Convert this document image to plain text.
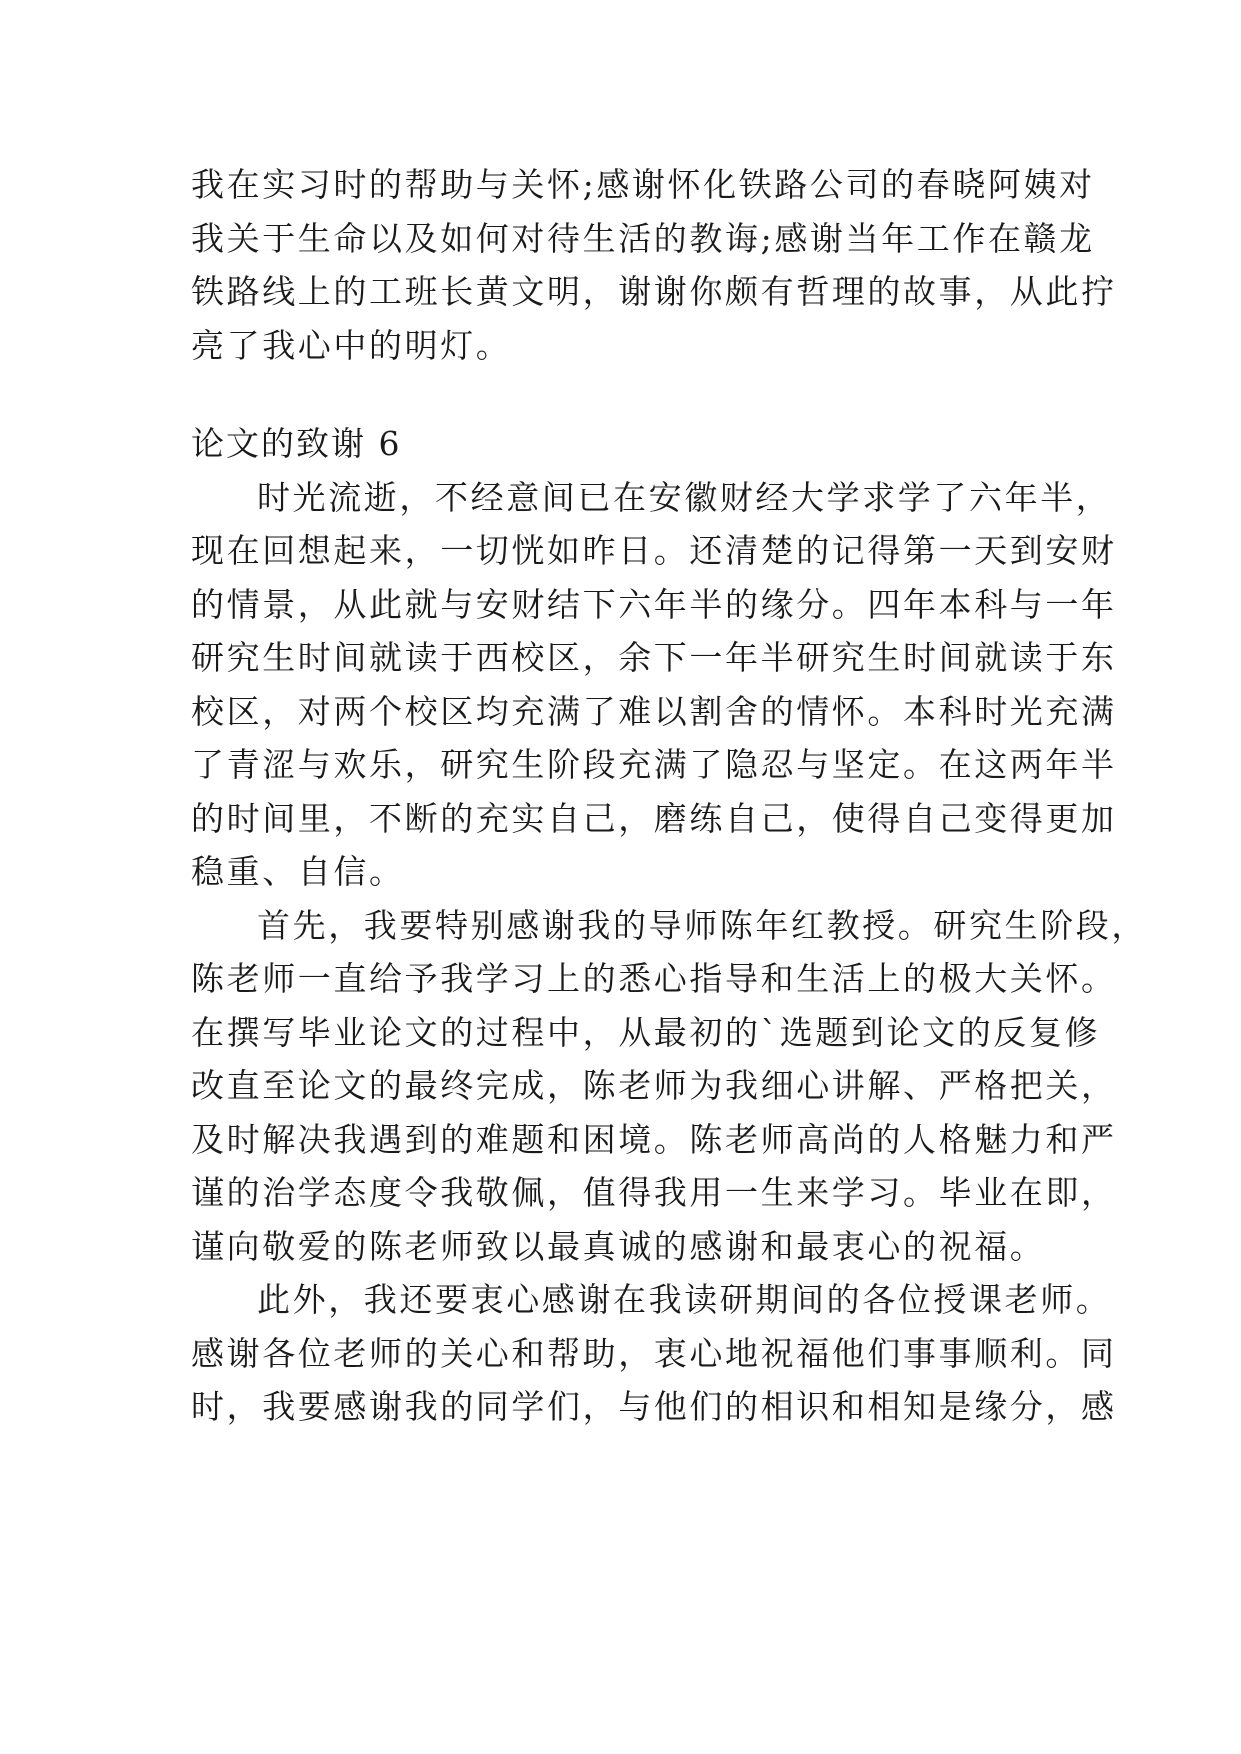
我在实习时的帮助与关怀;感谢怀化铁路公司的春晓阿姨对
我关于生命以及如何对待生活的教诲;感谢当年工作在赣龙
铁路线上的工班长黄文明，谢谢你颇有哲理的故事，从此拧
亮了我心中的明灯。
论文的致谢 6
时光流逝，不经意间已在安徽财经大学求学了六年半，
现在回想起来，一切恍如昨日。还清楚的记得第一天到安财
的情景，从此就与安财结下六年半的缘分。四年本科与一年
研究生时间就读于西校区，余下一年半研究生时间就读于东
校区，对两个校区均充满了难以割舍的情怀。本科时光充满
了青涩与欢乐，研究生阶段充满了隐忍与坚定。在这两年半
的时间里，不断的充实自己，磨练自己，使得自己变得更加
稳重、自信。
首先，我要特别感谢我的导师陈年红教授。研究生阶段，
陈老师一直给予我学习上的悉心指导和生活上的极大关怀。
在撰写毕业论文的过程中，从最初的`选题到论文的反复修
改直至论文的最终完成，陈老师为我细心讲解、严格把关，
及时解决我遇到的难题和困境。陈老师高尚的人格魅力和严
谨的治学态度令我敬佩，值得我用一生来学习。毕业在即，
谨向敬爱的陈老师致以最真诚的感谢和最衷心的祝福。
此外，我还要衷心感谢在我读研期间的各位授课老师。
感谢各位老师的关心和帮助，衷心地祝福他们事事顺利。同
时，我要感谢我的同学们，与他们的相识和相知是缘分，感
